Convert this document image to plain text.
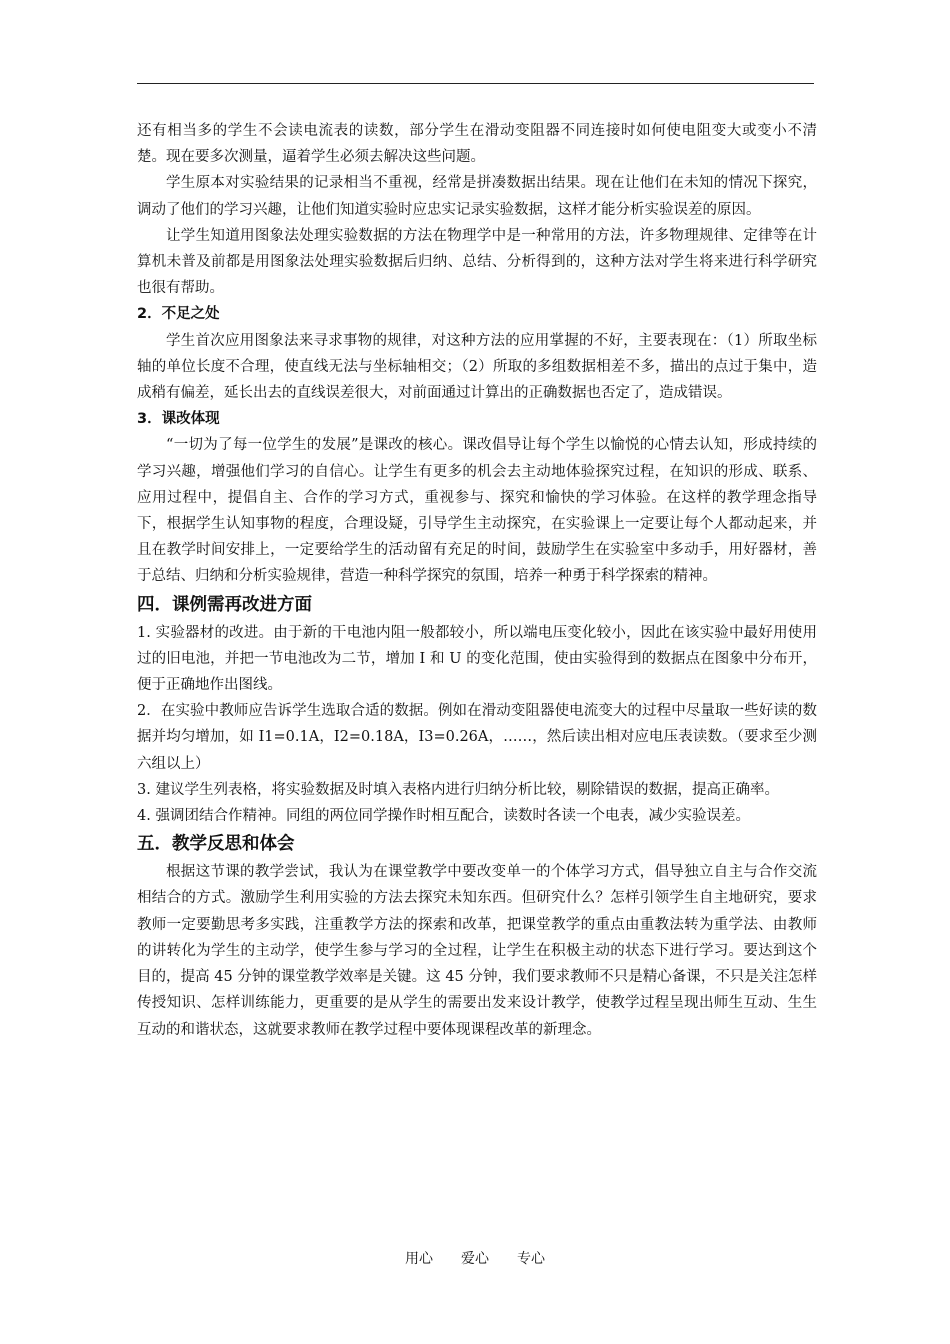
还有相当多的学生不会读电流表的读数，部分学生在滑动变阻器不同连接时如何使电阻变大或变小不清楚。现在要多次测量，逼着学生必须去解决这些问题。

学生原本对实验结果的记录相当不重视，经常是拼凑数据出结果。现在让他们在未知的情况下探究，调动了他们的学习兴趣，让他们知道实验时应忠实记录实验数据，这样才能分析实验误差的原因。

让学生知道用图象法处理实验数据的方法在物理学中是一种常用的方法，许多物理规律、定律等在计算机未普及前都是用图象法处理实验数据后归纳、总结、分析得到的，这种方法对学生将来进行科学研究也很有帮助。

2．不足之处

学生首次应用图象法来寻求事物的规律，对这种方法的应用掌握的不好，主要表现在：（1）所取坐标轴的单位长度不合理，使直线无法与坐标轴相交；（2）所取的多组数据相差不多，描出的点过于集中，造成稍有偏差，延长出去的直线误差很大，对前面通过计算出的正确数据也否定了，造成错误。

3．课改体现

“一切为了每一位学生的发展”是课改的核心。课改倡导让每个学生以愉悦的心情去认知，形成持续的学习兴趣，增强他们学习的自信心。让学生有更多的机会去主动地体验探究过程，在知识的形成、联系、应用过程中，提倡自主、合作的学习方式，重视参与、探究和愉快的学习体验。在这样的教学理念指导下，根据学生认知事物的程度，合理设疑，引导学生主动探究，在实验课上一定要让每个人都动起来，并且在教学时间安排上，一定要给学生的活动留有充足的时间，鼓励学生在实验室中多动手，用好器材，善于总结、归纳和分析实验规律，营造一种科学探究的氛围，培养一种勇于科学探索的精神。

四．课例需再改进方面

1. 实验器材的改进。由于新的干电池内阻一般都较小，所以端电压变化较小，因此在该实验中最好用使用过的旧电池，并把一节电池改为二节，增加 I 和 U 的变化范围，使由实验得到的数据点在图象中分布开，便于正确地作出图线。

2．在实验中教师应告诉学生选取合适的数据。例如在滑动变阻器使电流变大的过程中尽量取一些好读的数据并均匀增加，如 I1=0.1A，I2=0.18A，I3=0.26A，……，然后读出相对应电压表读数。（要求至少测六组以上）

3. 建议学生列表格，将实验数据及时填入表格内进行归纳分析比较，剔除错误的数据，提高正确率。

4. 强调团结合作精神。同组的两位同学操作时相互配合，读数时各读一个电表，减少实验误差。

五．教学反思和体会

根据这节课的教学尝试，我认为在课堂教学中要改变单一的个体学习方式，倡导独立自主与合作交流相结合的方式。激励学生利用实验的方法去探究未知东西。但研究什么？怎样引领学生自主地研究，要求教师一定要勤思考多实践，注重教学方法的探索和改革，把课堂教学的重点由重教法转为重学法、由教师的讲转化为学生的主动学，使学生参与学习的全过程，让学生在积极主动的状态下进行学习。要达到这个目的，提高 45 分钟的课堂教学效率是关键。这 45 分钟，我们要求教师不只是精心备课，不只是关注怎样传授知识、怎样训练能力，更重要的是从学生的需要出发来设计教学，使教学过程呈现出师生互动、生生互动的和谐状态，这就要求教师在教学过程中要体现课程改革的新理念。

用心　　爱心　　专心
